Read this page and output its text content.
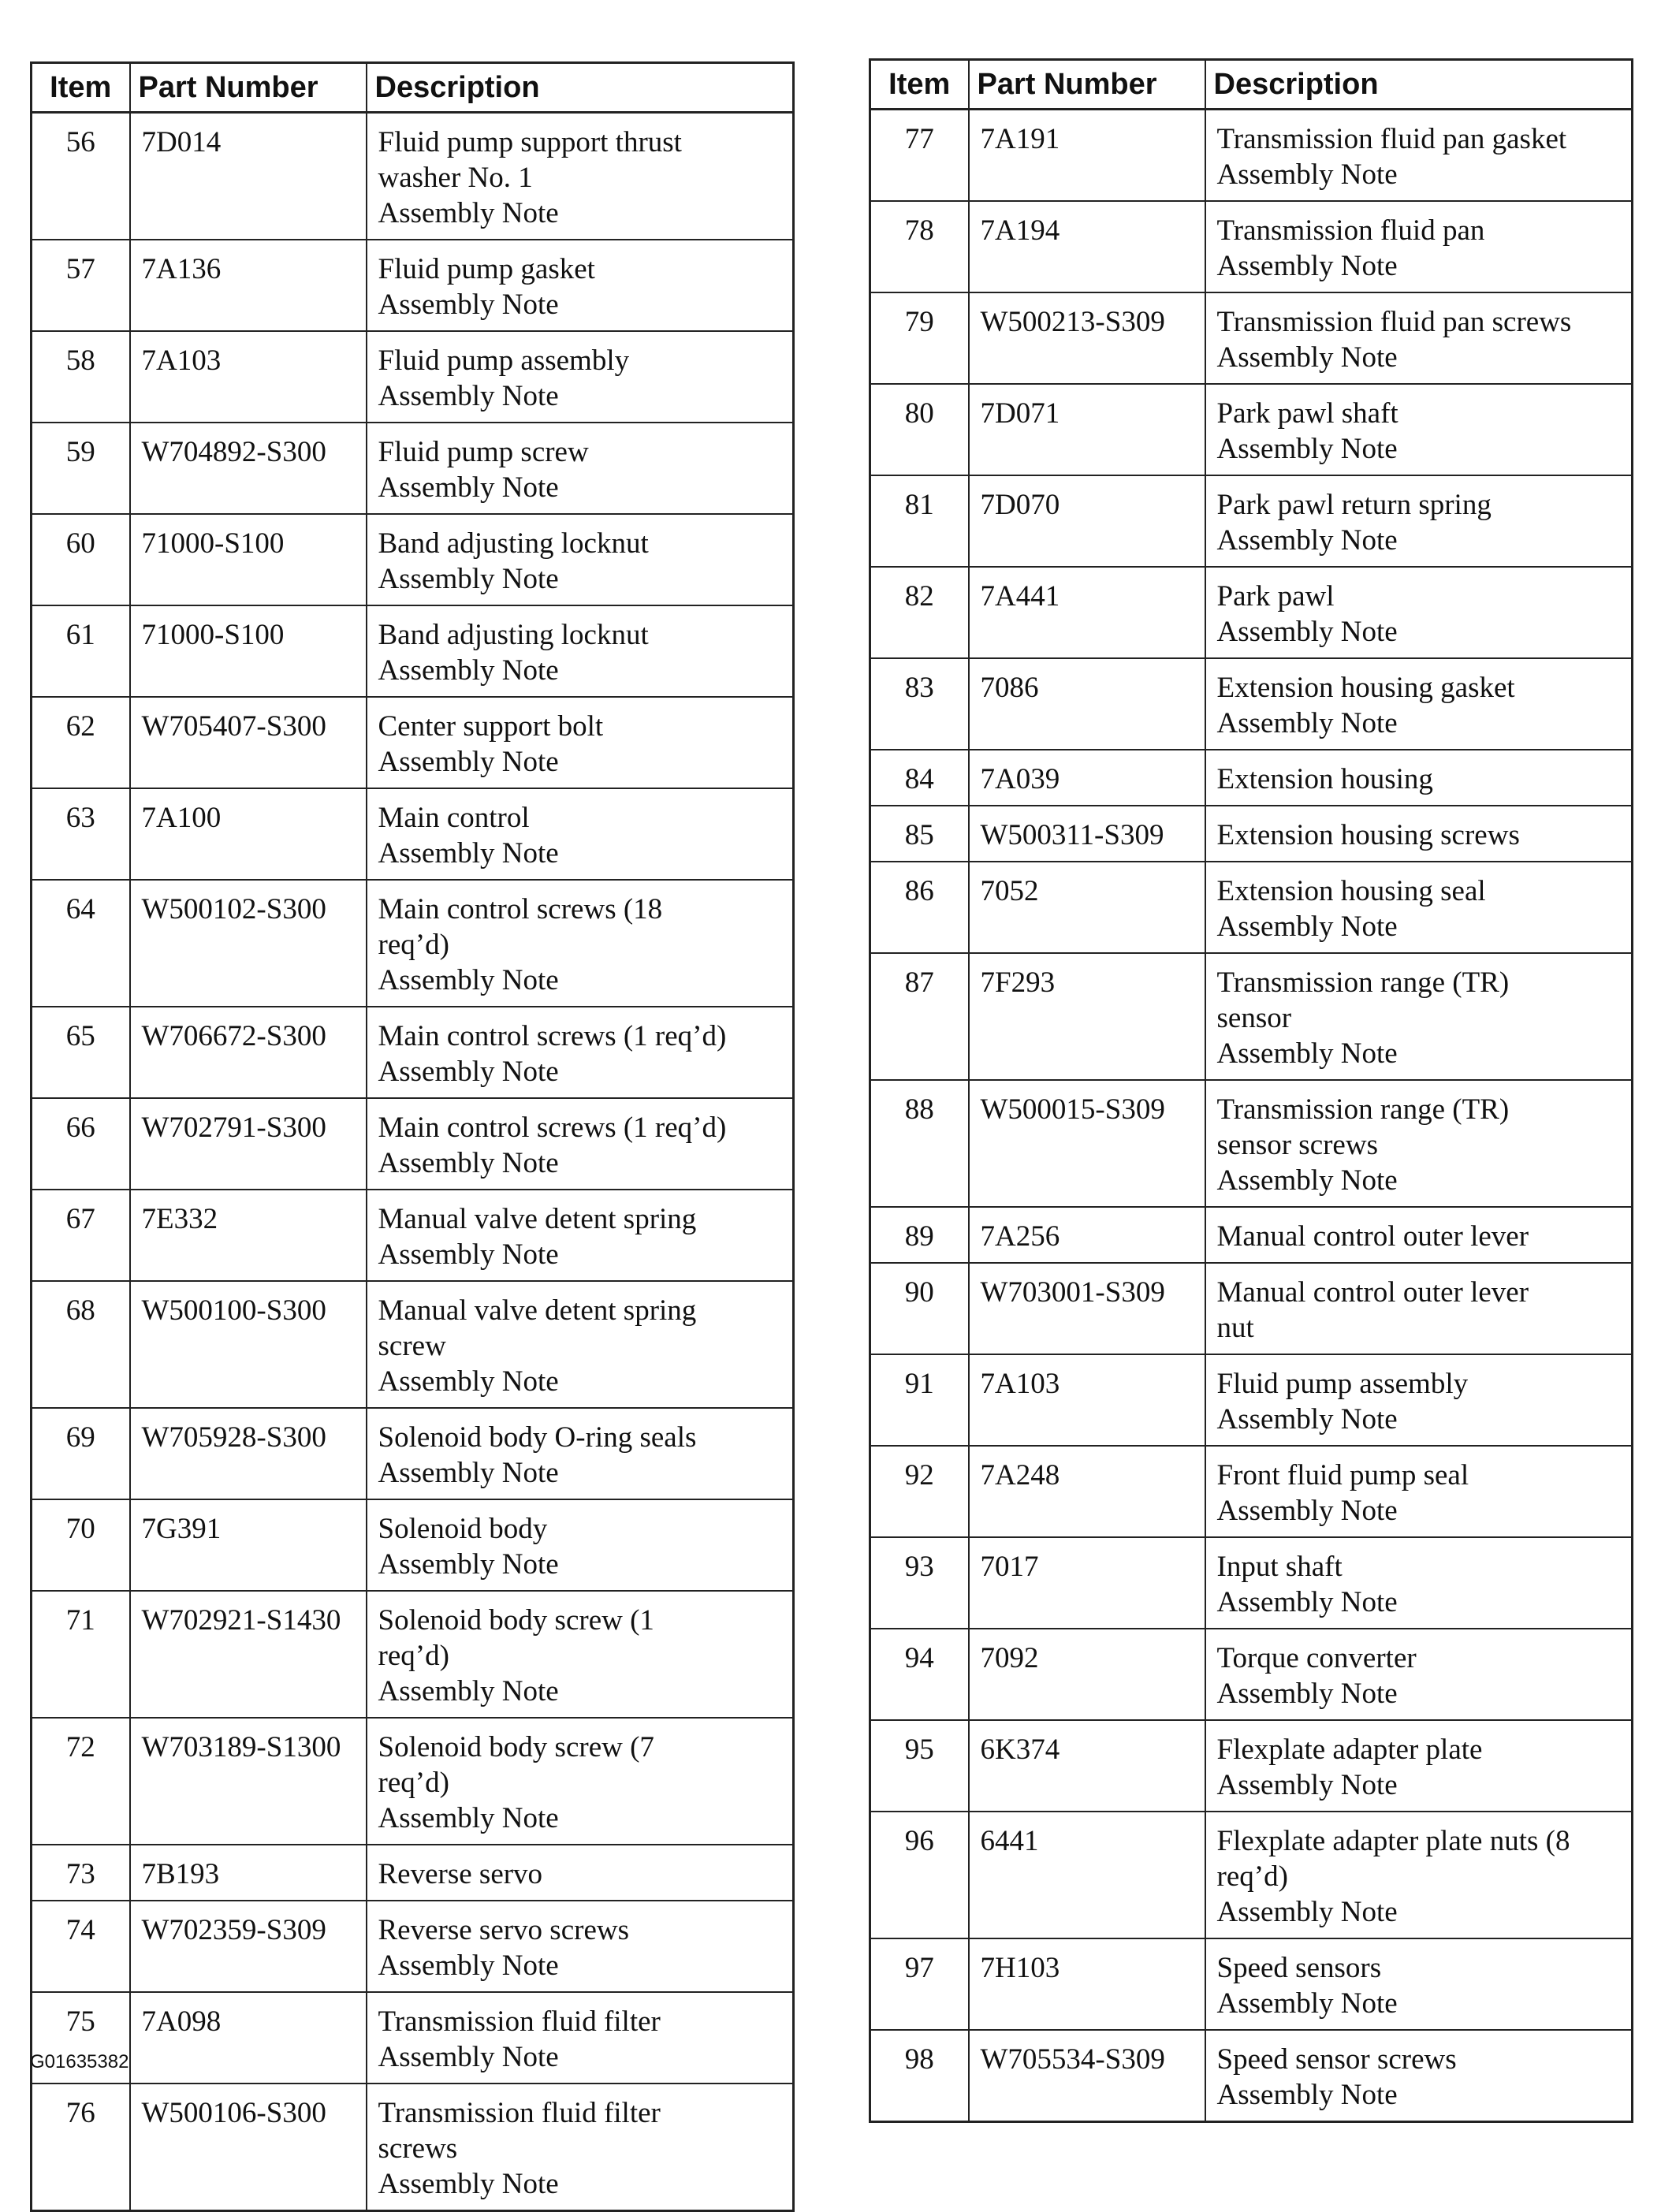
Item	Part Number	Description
56	7D014	Fluid pump support thrust
washer No. 1
Assembly Note

57	7A136	Fluid pump gasket
Assembly Note

58	7A103	Fluid pump assembly
Assembly Note

59	W704892-S300	Fluid pump screw
Assembly Note

60	71000-S100	Band adjusting locknut
Assembly Note

61	71000-S100	Band adjusting locknut
Assembly Note

62	W705407-S300	Center support bolt
Assembly Note

63	7A100	Main control
Assembly Note

64	W500102-S300	Main control screws (18
req’d)
Assembly Note

65	W706672-S300	Main control screws (1 req’d)
Assembly Note

66	W702791-S300	Main control screws (1 req’d)
Assembly Note

67	7E332	Manual valve detent spring
Assembly Note

68	W500100-S300	Manual valve detent spring
screw
Assembly Note

69	W705928-S300	Solenoid body O-ring seals
Assembly Note

70	7G391	Solenoid body
Assembly Note

71	W702921-S1430	Solenoid body screw (1
req’d)
Assembly Note

72	W703189-S1300	Solenoid body screw (7
req’d)
Assembly Note

73	7B193	Reverse servo

74	W702359-S309	Reverse servo screws
Assembly Note

75	7A098	Transmission fluid filter
Assembly Note

76	W500106-S300	Transmission fluid filter
screws
Assembly Note
Item	Part Number	Description
77	7A191	Transmission fluid pan gasket
Assembly Note

78	7A194	Transmission fluid pan
Assembly Note

79	W500213-S309	Transmission fluid pan screws
Assembly Note

80	7D071	Park pawl shaft
Assembly Note

81	7D070	Park pawl return spring
Assembly Note

82	7A441	Park pawl
Assembly Note

83	7086	Extension housing gasket
Assembly Note

84	7A039	Extension housing

85	W500311-S309	Extension housing screws

86	7052	Extension housing seal
Assembly Note

87	7F293	Transmission range (TR)
sensor
Assembly Note

88	W500015-S309	Transmission range (TR)
sensor screws
Assembly Note

89	7A256	Manual control outer lever

90	W703001-S309	Manual control outer lever
nut

91	7A103	Fluid pump assembly
Assembly Note

92	7A248	Front fluid pump seal
Assembly Note

93	7017	Input shaft
Assembly Note

94	7092	Torque converter
Assembly Note

95	6K374	Flexplate adapter plate
Assembly Note

96	6441	Flexplate adapter plate nuts (8
req’d)
Assembly Note

97	7H103	Speed sensors
Assembly Note

98	W705534-S309	Speed sensor screws
Assembly Note
G01635382
